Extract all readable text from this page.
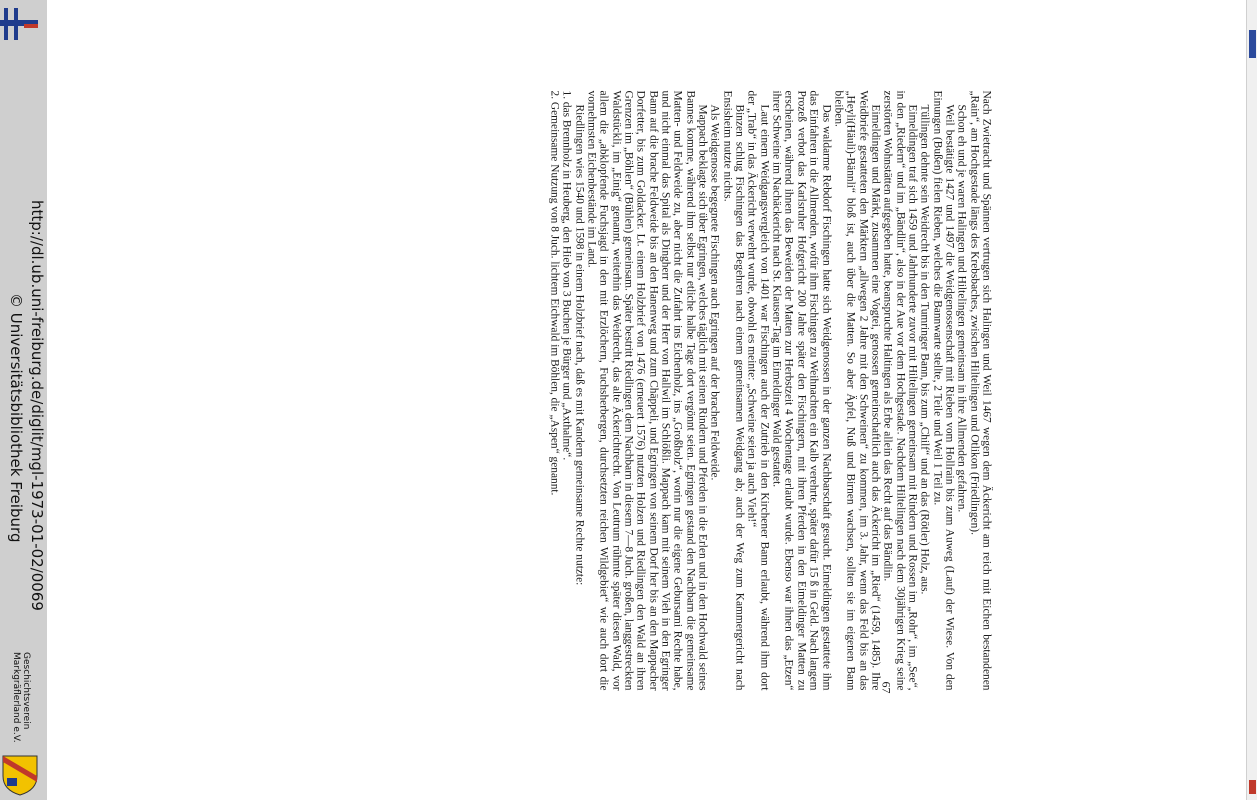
http://dl.ub.uni-freiburg.de/diglit/mgl-1973-01-02/0069
© Universitätsbibliothek Freiburg
Geschichtsverein Markgräflerland e.V.

Nach Zwietracht und Spännen vertrugen sich Halingen und Weil 1467 wegen dem Äckericht am reich mit Eichen bestandenen „Rain“, am Hochgestade längs des Krebsbaches, zwischen Hiltelingen und Otlikon (Friedlingen).

Schon eh und je waren Halingen und Hiltelingen gemeinsam in ihre Allmenden gefahren.

Weil bestätigte 1427 und 1497 die Weidgenossenschaft mit Rieben vom Hollrain bis zum Auweg (Lauf) der Wiese. Von den Einungen (Bußen) fielen Rieben, welches die Bannwarte stellte, 2 Teile und Weil 1 Teil zu.

Tüllingen dehnte sein Weidrecht bis in den Tumringer Bann, bis zum „Chilf“ und an das (Rötler) Holz, aus.

Eimeldingen traf sich 1459 und Jahrhunderte zuvor mit Hiltelingen gemeinsam mit Rindern und Rossen im „Rohr“, im „See“, in den „Riedern“ und im „Bändlin“, also in der Aue vor dem Hochgestade. Nachdem Hiltelingen nach dem 30jährigen Krieg seine zerstörten Wohnstätten aufgegeben hatte, beanspruchte Haltingen als Erbe allein das Recht auf das Bändlin.

Eimeldingen und Märkt, zusammen eine Vogtei, genossen gemeinschaftlich auch das Äckericht im „Ried“ (1459, 1485). Ihre Weidbriefe gestatteten den Märktern „allwegen 2 Jahre mit den Schweinen“ zu kommen, im 3. Jahr, wenn das Feld bis an das „Heyli(Häuli)-Bännli“ bloß ist, auch über die Matten. So aber Äpfel, Nuß und Birnen wachsen, sollten sie im eigenen Bann bleiben.

Das waldarme Rebdorf Fischingen hatte sich Weidgenossen in der ganzen Nachbarschaft gesucht. Eimeldingen gestattete ihm das Einfahren in die Allmenden, wofür ihm Fischingen zu Weihnachten ein Kalb verehrte, später dafür 15 ß in Geld. Nach langem Prozeß verbot das Karlsruher Hofgericht 200 Jahre später den Fischingern, mit ihren Pferden in den Eimeldinger Matten zu erscheinen, während ihnen das Beweiden der Matten zur Herbstzeit 4 Wochentage erlaubt wurde. Ebenso war ihnen das „Etzen“ ihrer Schweine im Nachäckericht nach St. Klausen-Tag im Eimeldinger Wald gestattet.

Laut einem Weidgangsvergleich von 1401 war Fischingen auch der Zutrieb in den Kirchener Bann erlaubt, während ihm dort der „Trab“ in das Äckericht verwehrt wurde, obwohl es meinte: „Schweine seien ja auch Vieh!“

Binzen schlug Fischingen das Begehren nach einem gemeinsamen Weidgang ab; auch der Weg zum Kammergericht nach Ensisheim nutzte nichts.

Als Weidgenosse begegnete Fischingen auch Egringen auf der brachen Feldweide.

Mappach beklagte sich über Egringen, welches täglich mit seinen Rindern und Pferden in die Erlen und in den Hochwald seines Bannes komme, während ihm selbst nur etliche halbe Tage dort vergönnt seien. Egringen gestand den Nachbarn die gemeinsame Matten- und Feldweide zu, aber nicht die Zufahrt ins Eichenholz, ins „Großholz“, worin nur die eigene Gebursami Rechte habe, und nicht einmal das Spital als Dingherr und der Herr von Hallwil im Schlößli. Mappach kam mit seinem Vieh in den Egringer Bann auf die brache Feldweide bis an den Hanenweg und zum Chäppeli, und Egringen von seinem Dorf her bis an den Mappacher Dorfetter, bis zum Goldacker. Lt. einem Holzbrief von 1476 (erneuert 1576) nutzten Holzen und Riedlingen den Wald an ihren Grenzen im „Böhlen“ (Bühlen) gemeinsam. Später bestritt Riedlingen dem Nachbarn in diesem 7—8 Juch. großen, langgestreckten Waldstückli, im „Einig“ genannt, weiterhin das Weidrecht, das alte Äckerichtrecht. Von Leutrum rühmte später diesen Wald, vor allem die „abklopfende Fuchsjagd in den mit Erzlöchern, Fuchsherbergen, durchsetzten reichen Wildgebiet“ wie auch dort die vornehmsten Eichenbestände im Land.

Riedlingen wies 1540 und 1598 in einem Holzbrief nach, daß es mit Kandern gemeinsame Rechte nutzte:

1. das Brennholz in Heuberg, den Hieb von 3 Buchen je Bürger und „Axthalme“.

2. Gemeinsame Nutzung von 8 Juch. lichtem Eichwald im Böhlen, die „Aspen“ genannt.

67
